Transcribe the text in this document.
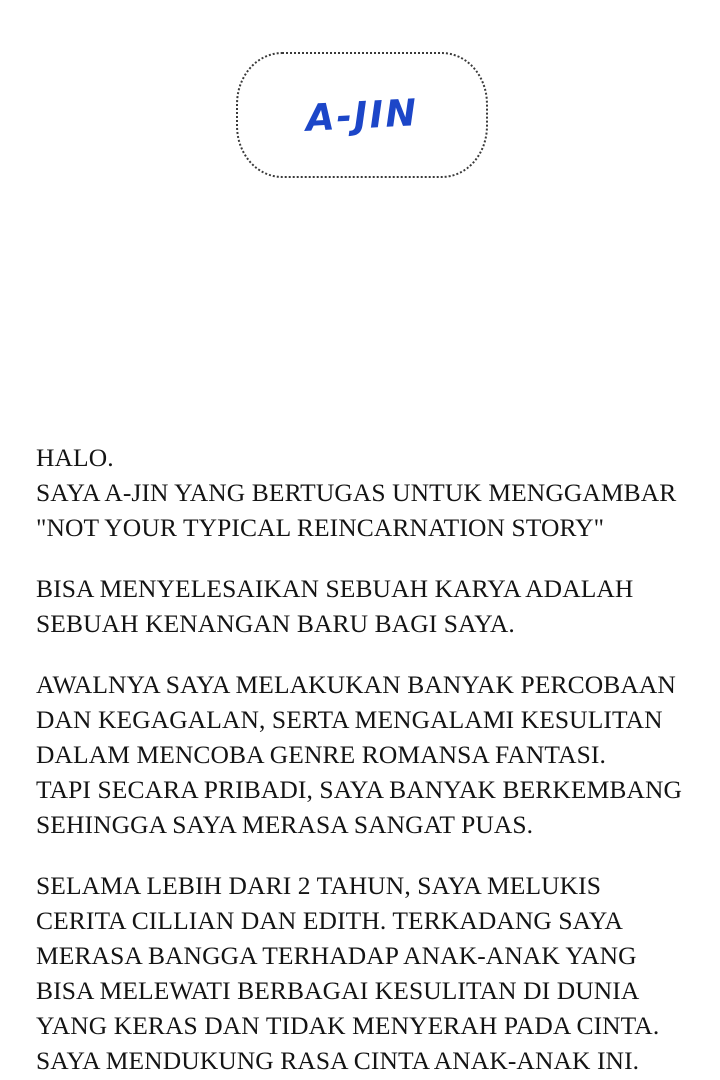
A-JIN
HALO.
SAYA A-JIN YANG BERTUGAS UNTUK MENGGAMBAR
"NOT YOUR TYPICAL REINCARNATION STORY"
BISA MENYELESAIKAN SEBUAH KARYA ADALAH
SEBUAH KENANGAN BARU BAGI SAYA.
AWALNYA SAYA MELAKUKAN BANYAK PERCOBAAN
DAN KEGAGALAN, SERTA MENGALAMI KESULITAN
DALAM MENCOBA GENRE ROMANSA FANTASI.
TAPI SECARA PRIBADI, SAYA BANYAK BERKEMBANG
SEHINGGA SAYA MERASA SANGAT PUAS.
SELAMA LEBIH DARI 2 TAHUN, SAYA MELUKIS
CERITA CILLIAN DAN EDITH. TERKADANG SAYA
MERASA BANGGA TERHADAP ANAK-ANAK YANG
BISA MELEWATI BERBAGAI KESULITAN DI DUNIA
YANG KERAS DAN TIDAK MENYERAH PADA CINTA.
SAYA MENDUKUNG RASA CINTA ANAK-ANAK INI.
